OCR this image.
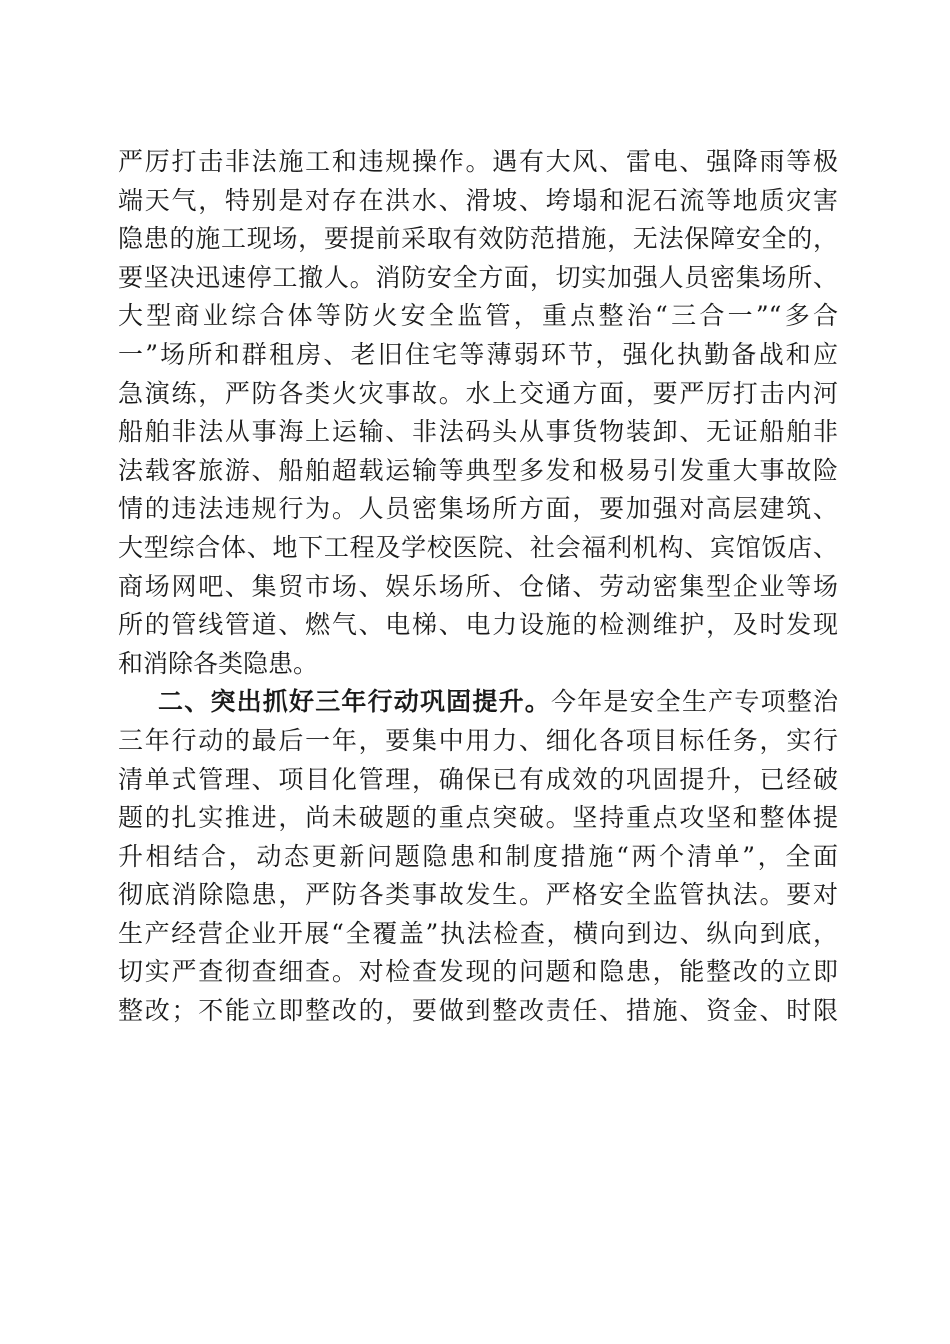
严厉打击非法施工和违规操作。遇有大风、雷电、强降雨等极
端天气，特别是对存在洪水、滑坡、垮塌和泥石流等地质灾害
隐患的施工现场，要提前采取有效防范措施，无法保障安全的，
要坚决迅速停工撤人。消防安全方面，切实加强人员密集场所、
大型商业综合体等防火安全监管，重点整治“三合一”“多合
一”场所和群租房、老旧住宅等薄弱环节，强化执勤备战和应
急演练，严防各类火灾事故。水上交通方面，要严厉打击内河
船舶非法从事海上运输、非法码头从事货物装卸、无证船舶非
法载客旅游、船舶超载运输等典型多发和极易引发重大事故险
情的违法违规行为。人员密集场所方面，要加强对高层建筑、
大型综合体、地下工程及学校医院、社会福利机构、宾馆饭店、
商场网吧、集贸市场、娱乐场所、仓储、劳动密集型企业等场
所的管线管道、燃气、电梯、电力设施的检测维护，及时发现
和消除各类隐患。
二、突出抓好三年行动巩固提升。今年是安全生产专项整治
三年行动的最后一年，要集中用力、细化各项目标任务，实行
清单式管理、项目化管理，确保已有成效的巩固提升，已经破
题的扎实推进，尚未破题的重点突破。坚持重点攻坚和整体提
升相结合，动态更新问题隐患和制度措施“两个清单”，全面
彻底消除隐患，严防各类事故发生。严格安全监管执法。要对
生产经营企业开展“全覆盖”执法检查，横向到边、纵向到底，
切实严查彻查细查。对检查发现的问题和隐患，能整改的立即
整改；不能立即整改的，要做到整改责任、措施、资金、时限
